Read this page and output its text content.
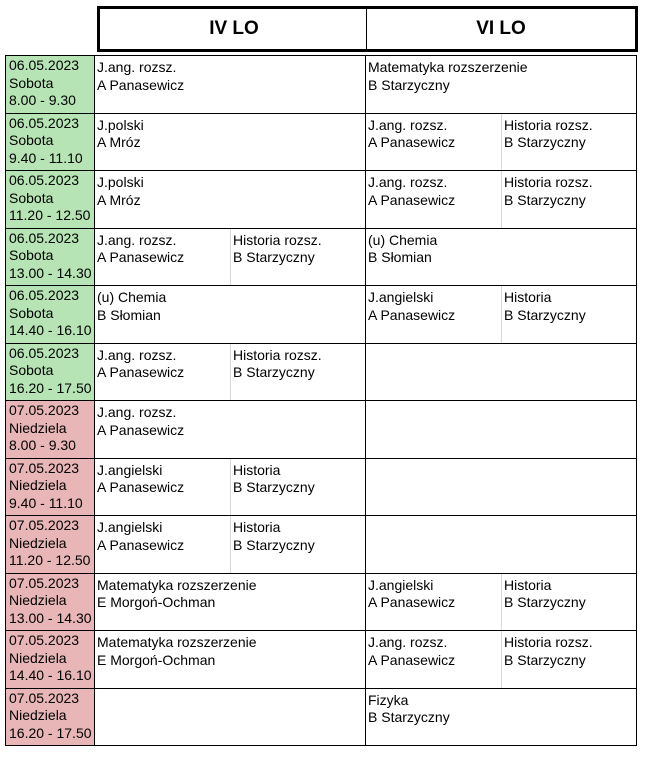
IV LO	VI LO
06.05.2023
Sobota
8.00 - 9.30
J.ang. rozsz.
A Panasewicz
Matematyka rozszerzenie
B Starzyczny
06.05.2023
Sobota
9.40 - 11.10
J.polski
A Mróz
J.ang. rozsz.
A Panasewicz
Historia rozsz.
B Starzyczny
06.05.2023
Sobota
11.20 - 12.50
J.polski
A Mróz
J.ang. rozsz.
A Panasewicz
Historia rozsz.
B Starzyczny
06.05.2023
Sobota
13.00 - 14.30
J.ang. rozsz.
A Panasewicz
Historia rozsz.
B Starzyczny
(u) Chemia
B Słomian
06.05.2023
Sobota
14.40 - 16.10
(u) Chemia
B Słomian
J.angielski
A Panasewicz
Historia
B Starzyczny
06.05.2023
Sobota
16.20 - 17.50
J.ang. rozsz.
A Panasewicz
Historia rozsz.
B Starzyczny
07.05.2023
Niedziela
8.00 - 9.30
J.ang. rozsz.
A Panasewicz
07.05.2023
Niedziela
9.40 - 11.10
J.angielski
A Panasewicz
Historia
B Starzyczny
07.05.2023
Niedziela
11.20 - 12.50
J.angielski
A Panasewicz
Historia
B Starzyczny
07.05.2023
Niedziela
13.00 - 14.30
Matematyka rozszerzenie
E Morgoń-Ochman
J.angielski
A Panasewicz
Historia
B Starzyczny
07.05.2023
Niedziela
14.40 - 16.10
Matematyka rozszerzenie
E Morgoń-Ochman
J.ang. rozsz.
A Panasewicz
Historia rozsz.
B Starzyczny
07.05.2023
Niedziela
16.20 - 17.50
Fizyka
B Starzyczny
